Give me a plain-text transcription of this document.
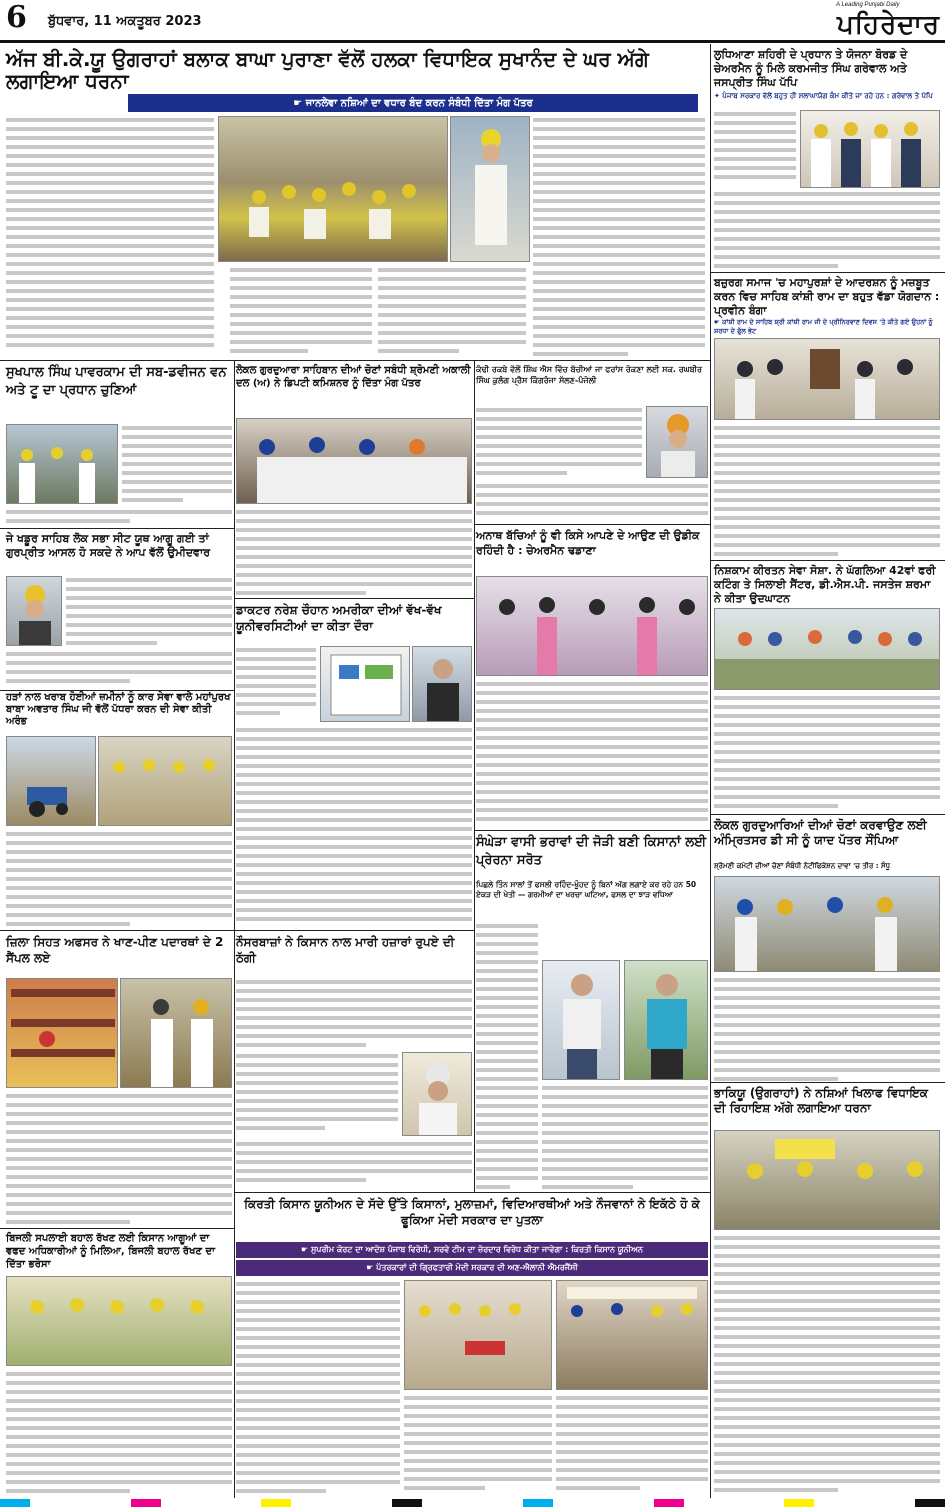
6 ਬੁੱਧਵਾਰ, 11 ਅਕਤੂਬਰ 2023
A Leading Punjabi Daily
ਪਹਿਰੇਦਾਰ
ਅੱਜ ਬੀ.ਕੇ.ਯੂ ਉਗਰਾਹਾਂ ਬਲਾਕ ਬਾਘਾ ਪੁਰਾਣਾ ਵੱਲੋਂ ਹਲਕਾ ਵਿਧਾਇਕ ਸੁਖਾਨੰਦ ਦੇ ਘਰ ਅੱਗੇ ਲਗਾਇਆ ਧਰਨਾ
☛ ਜਾਨਲੇਵਾ ਨਸ਼ਿਆਂ ਦਾ ਵਧਾਰ ਬੰਦ ਕਰਨ ਸੰਬੰਧੀ ਦਿੱਤਾ ਮੰਗ ਪੱਤਰ
ਲੁਧਿਆਣਾ ਸ਼ਹਿਰੀ ਦੇ ਪ੍ਰਧਾਨ ਤੇ ਯੋਜਨਾ ਬੋਰਡ ਦੇ ਚੇਅਰਮੈਨ ਨੂੰ ਮਿਲੇ ਕਰਮਜੀਤ ਸਿੰਘ ਗਰੇਵਾਲ ਅਤੇ ਜਸਪ੍ਰੀਤ ਸਿੰਘ ਪੱਪਿ
✦ ਪੰਜਾਬ ਸਰਕਾਰ ਵੱਲੋਂ ਬਹੁਤ ਹੀ ਸ਼ਲਾਘਾਯੋਗ ਕੰਮ ਕੀਤੇ ਜਾ ਰਹੇ ਹਨ : ਗਰੇਵਾਲ ਤੇ ਪੱਪਿ
ਬਜ਼ੁਰਗ ਸਮਾਜ 'ਚ ਮਹਾਪੁਰਸ਼ਾਂ ਦੇ ਆਦਰਸ਼ਨ ਨੂੰ ਮਜ਼ਬੂਤ ਕਰਨ ਵਿਚ ਸਾਹਿਬ ਕਾਂਸ਼ੀ ਰਾਮ ਦਾ ਬਹੁਤ ਵੱਡਾ ਯੋਗਦਾਨ : ਪ੍ਰਵੀਨ ਬੰਗਾ
☛ ਕਾਂਸ਼ੀ ਰਾਮ ਦੇ ਸਾਹਿਬ ਸ਼੍ਰੀ ਕਾਂਸ਼ੀ ਰਾਮ ਜੀ ਦੇ ਪ੍ਰੀਨਿਰਵਾਣ ਦਿਵਸ 'ਤੇ ਕੀਤੇ ਗਏ ਉਹਨਾਂ ਨੂੰ ਸ਼ਰਧਾ ਦੇ ਫੁੱਲ ਭੇਟ
ਨਿਸ਼ਕਾਮ ਕੀਰਤਨ ਸੇਵਾ ਸੋਸ਼ਾ. ਨੇ ਘੱਗਲਿਆ 42ਵਾਂ ਫਰੀ ਕਟਿੰਗ ਤੇ ਸਿਲਾਈ ਸੈਂਟਰ, ਡੀ.ਐਸ.ਪੀ. ਜਸਤੇਜ ਸ਼ਰਮਾ ਨੇ ਕੀਤਾ ਉਦਘਾਟਨ
ਲੋਕਲ ਗੁਰਦੁਆਰਿਆਂ ਦੀਆਂ ਚੋਣਾਂ ਕਰਵਾਉਣ ਲਈ ਅੰਮ੍ਰਿਤਸਰ ਡੀ ਸੀ ਨੂੰ ਯਾਦ ਪੱਤਰ ਸੌਂਪਿਆ
ਸ਼੍ਰੋਮਣੀ ਕਮੇਟੀ ਦੀਆਂ ਚੋਣਾਂ ਸੰਬੰਧੀ ਨੋਟੀਫਿਕੇਸ਼ਨ ਦਾਵਾ 'ਚ ਤੀਰ : ਸੰਧੂ
ਭਾਕਿਯੂ (ਉਗਰਾਹਾਂ) ਨੇ ਨਸ਼ਿਆਂ ਖਿਲਾਫ ਵਿਧਾਇਕ ਦੀ ਰਿਹਾਇਸ਼ ਅੱਗੇ ਲਗਾਇਆ ਧਰਨਾ
ਸੁਖਪਾਲ ਸਿੰਘ ਪਾਵਰਕਾਮ ਦੀ ਸਬ-ਡਵੀਜਨ ਵਨ ਅਤੇ ਟੂ ਦਾ ਪ੍ਰਧਾਨ ਚੁਣਿਆਂ
ਜੇ ਖਡੂਰ ਸਾਹਿਬ ਲੋਕ ਸਭਾ ਸੀਟ ਯੂਥ ਆਗੂ ਗਈ ਤਾਂ ਗੁਰਪ੍ਰੀਤ ਆਸਲ ਹੋ ਸਕਦੇ ਨੇ ਆਪ ਵੱਲੋਂ ਉਮੀਦਵਾਰ
ਹੜਾਂ ਨਾਲ ਖਰਾਬ ਹੋਈਆਂ ਜ਼ਮੀਨਾਂ ਨੂੰ ਕਾਰ ਸੇਵਾ ਵਾਲੇ ਮਹਾਂਪੁਰਖ ਬਾਬਾ ਅਵਤਾਰ ਸਿੰਘ ਜੀ ਵੱਲੋਂ ਪੱਧਰਾ ਕਰਨ ਦੀ ਸੇਵਾ ਕੀਤੀ ਅਰੰਭ
ਜ਼ਿਲਾ ਸਿਹਤ ਅਫਸਰ ਨੇ ਖਾਣ-ਪੀਣ ਪਦਾਰਥਾਂ ਦੇ 2 ਸੈਂਪਲ ਲਏ
ਬਿਜਲੀ ਸਪਲਾਈ ਬਹਾਲ ਰੱਖਣ ਲਈ ਕਿਸਾਨ ਆਗੂਆਂ ਦਾ ਵਫਦ ਅਧਿਕਾਰੀਆਂ ਨੂੰ ਮਿਲਿਆ, ਬਿਜਲੀ ਬਹਾਲ ਰੱਖਣ ਦਾ ਦਿੱਤਾ ਭਰੋਸਾ
ਲੋਕਲ ਗੁਰਦੁਆਰਾ ਸਾਹਿਬਾਨ ਦੀਆਂ ਚੋਣਾਂ ਸਬੰਧੀ ਸ਼੍ਰੋਮਣੀ ਅਕਾਲੀ ਦਲ (ਅ) ਨੇ ਡਿਪਟੀ ਕਮਿਸ਼ਨਰ ਨੂੰ ਦਿੱਤਾ ਮੰਗ ਪੱਤਰ
ਡਾਕਟਰ ਨਰੇਸ਼ ਚੌਹਾਨ ਅਮਰੀਕਾ ਦੀਆਂ ਵੱਖ-ਵੱਖ ਯੂਨੀਵਰਸਿਟੀਆਂ ਦਾ ਕੀਤਾ ਦੌਰਾ
ਨੌਸਰਬਾਜ਼ਾਂ ਨੇ ਕਿਸਾਨ ਨਾਲ ਮਾਰੀ ਹਜ਼ਾਰਾਂ ਰੁਪਏ ਦੀ ਠੱਗੀ
ਕੰਢੀ ਰਕਬੇ ਵੱਲੋਂ ਸ਼ਿੰਘ ਐਸ ਵਿੱਚ ਬੱਚੀਆਂ ਜਾ ਫਰਾਂਸ ਰੋਕਣਾ ਲਈ ਸਕ. ਰਘਬੀਰ ਸਿੰਘ ਕੁਲੰਗ ਪ੍ਰੈਸ ਕਿੰਗਰੰਜਾ ਸੱਲਣ-ਪੰਜੋਲੀ
ਅਨਾਥ ਬੱਚਿਆਂ ਨੂੰ ਵੀ ਕਿਸੇ ਆਪਣੇ ਦੇ ਆਉਣ ਦੀ ਉਡੀਕ ਰਹਿੰਦੀ ਹੈ : ਚੇਅਰਮੈਨ ਢਡਾਣਾ
ਸੰਘੇੜਾ ਵਾਸੀ ਭਰਾਵਾਂ ਦੀ ਜੋੜੀ ਬਣੀ ਕਿਸਾਨਾਂ ਲਈ ਪ੍ਰੇਰਨਾ ਸਰੋਤ
ਪਿਛਲੇ ਤਿੰਨ ਸਾਲਾਂ ਤੋਂ ਫਸਲੀ ਰਹਿੰਦ-ਖੂੰਹਦ ਨੂੰ ਬਿਨਾਂ ਅੱਗ ਲਗਾਏ ਕਰ ਰਹੇ ਹਨ 50 ਏਕੜ ਦੀ ਖੇਤੀ — ਗਰਮੀਆਂ ਦਾ ਖਰਚਾ ਘਟਿਆ, ਫਸਲ ਦਾ ਝਾੜ ਵਧਿਆ
ਕਿਰਤੀ ਕਿਸਾਨ ਯੂਨੀਅਨ ਦੇ ਸੱਦੇ ਉੱਤੇ ਕਿਸਾਨਾਂ, ਮੁਲਾਜ਼ਮਾਂ, ਵਿਦਿਆਰਥੀਆਂ ਅਤੇ ਨੌਜਵਾਨਾਂ ਨੇ ਇਕੱਠੇ ਹੋ ਕੇ ਫੂਕਿਆ ਮੋਦੀ ਸਰਕਾਰ ਦਾ ਪੁਤਲਾ
☛ ਸੁਪਰੀਮ ਕੋਰਟ ਦਾ ਆਦੇਸ਼ ਪੰਜਾਬ ਵਿਰੋਧੀ, ਸਰਵੇ ਟੀਮ ਦਾ ਜ਼ੋਰਦਾਰ ਵਿਰੋਧ ਕੀਤਾ ਜਾਵੇਗਾ : ਕਿਰਤੀ ਕਿਸਾਨ ਯੂਨੀਅਨ
☛ ਪੱਤਰਕਾਰਾਂ ਦੀ ਗ੍ਰਿਫਤਾਰੀ ਮੋਦੀ ਸਰਕਾਰ ਦੀ ਅਣ-ਐਲਾਨੀ ਐਮਰਜੈਂਸੀ
